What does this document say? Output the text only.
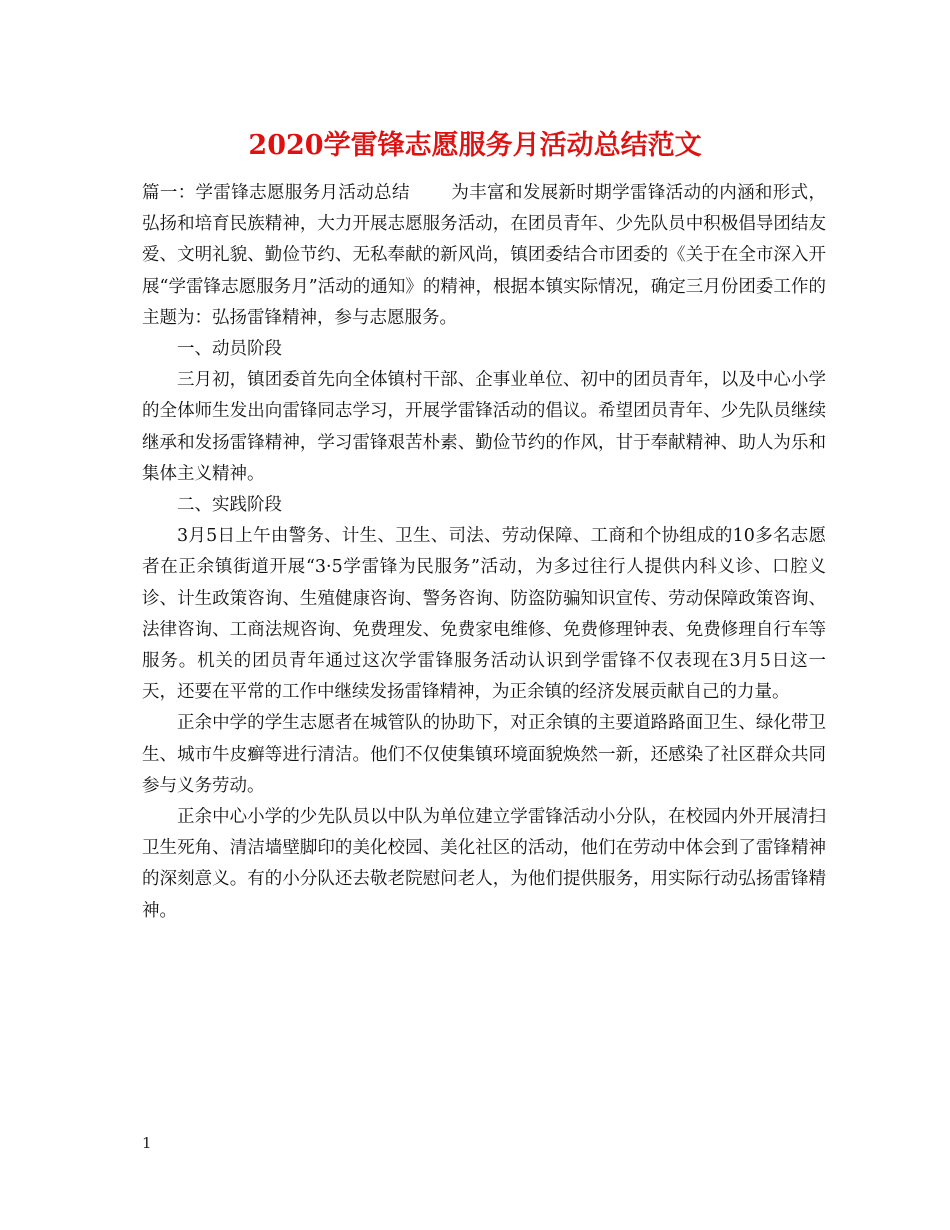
2020学雷锋志愿服务月活动总结范文

篇一：学雷锋志愿服务月活动总结 　　为丰富和发展新时期学雷锋活动的内涵和形式，弘扬和培育民族精神，大力开展志愿服务活动，在团员青年、少先队员中积极倡导团结友爱、文明礼貌、勤俭节约、无私奉献的新风尚，镇团委结合市团委的《关于在全市深入开展“学雷锋志愿服务月”活动的通知》的精神，根据本镇实际情况，确定三月份团委工作的主题为：弘扬雷锋精神，参与志愿服务。

一、动员阶段

三月初，镇团委首先向全体镇村干部、企事业单位、初中的团员青年，以及中心小学的全体师生发出向雷锋同志学习，开展学雷锋活动的倡议。希望团员青年、少先队员继续继承和发扬雷锋精神，学习雷锋艰苦朴素、勤俭节约的作风，甘于奉献精神、助人为乐和集体主义精神。

二、实践阶段

3月5日上午由警务、计生、卫生、司法、劳动保障、工商和个协组成的10多名志愿者在正余镇街道开展“3·5学雷锋为民服务”活动，为多过往行人提供内科义诊、口腔义诊、计生政策咨询、生殖健康咨询、警务咨询、防盗防骗知识宣传、劳动保障政策咨询、法律咨询、工商法规咨询、免费理发、免费家电维修、免费修理钟表、免费修理自行车等服务。机关的团员青年通过这次学雷锋服务活动认识到学雷锋不仅表现在3月5日这一天，还要在平常的工作中继续发扬雷锋精神，为正余镇的经济发展贡献自己的力量。

正余中学的学生志愿者在城管队的协助下，对正余镇的主要道路路面卫生、绿化带卫生、城市牛皮癣等进行清洁。他们不仅使集镇环境面貌焕然一新，还感染了社区群众共同参与义务劳动。

正余中心小学的少先队员以中队为单位建立学雷锋活动小分队，在校园内外开展清扫卫生死角、清洁墙壁脚印的美化校园、美化社区的活动，他们在劳动中体会到了雷锋精神的深刻意义。有的小分队还去敬老院慰问老人，为他们提供服务，用实际行动弘扬雷锋精神。

1
